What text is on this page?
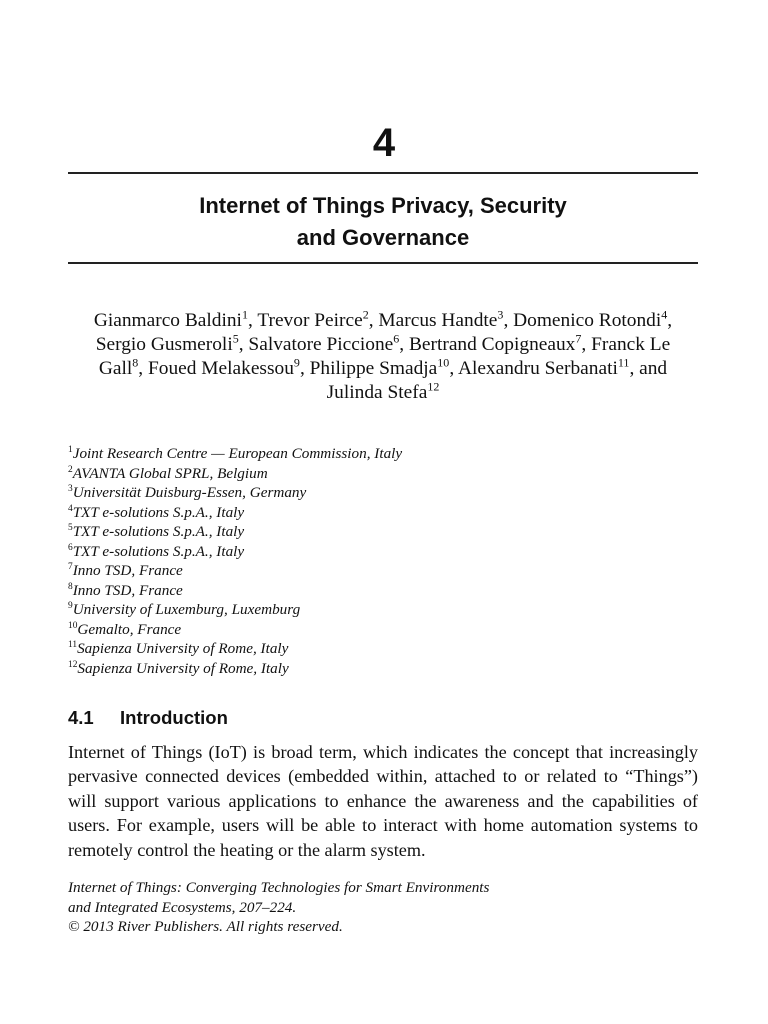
4
Internet of Things Privacy, Security
and Governance
Gianmarco Baldini$^1$, Trevor Peirce$^2$, Marcus Handte$^3$, Domenico Rotondi$^4$, Sergio Gusmeroli$^5$, Salvatore Piccione$^6$, Bertrand Copigneaux$^7$, Franck Le Gall$^8$, Foued Melakessou$^9$, Philippe Smadja$^{10}$, Alexandru Serbanati$^{11}$, and Julinda Stefa$^{12}$
$^1$Joint Research Centre — European Commission, Italy
$^2$AVANTA Global SPRL, Belgium
$^3$Universität Duisburg-Essen, Germany
$^4$TXT e-solutions S.p.A., Italy
$^5$TXT e-solutions S.p.A., Italy
$^6$TXT e-solutions S.p.A., Italy
$^7$Inno TSD, France
$^8$Inno TSD, France
$^9$University of Luxemburg, Luxemburg
$^{10}$Gemalto, France
$^{11}$Sapienza University of Rome, Italy
$^{12}$Sapienza University of Rome, Italy
4.1 Introduction

Internet of Things (IoT) is broad term, which indicates the concept that increasingly pervasive connected devices (embedded within, attached to or related to “Things”) will support various applications to enhance the awareness and the capabilities of users. For example, users will be able to interact with home automation systems to remotely control the heating or the alarm system.

Internet of Things: Converging Technologies for Smart Environments
and Integrated Ecosystems, 207–224.
© 2013 River Publishers. All rights reserved.
